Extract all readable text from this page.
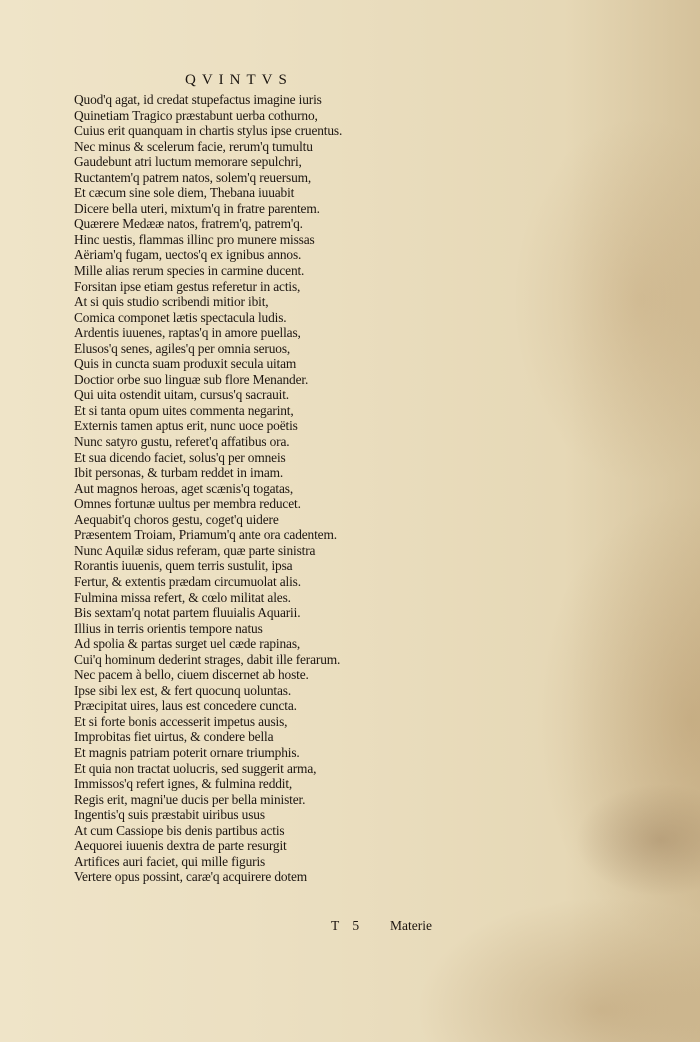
QVINTVS
Quod'q agat, id credat stupefactus imagine iuris
Quinetiam Tragico præstabunt uerba cothurno,
Cuius erit quanquam in chartis stylus ipse cruentus.
Nec minus & scelerum facie, rerum'q tumultu
Gaudebunt atri luctum memorare sepulchri,
Ructantem'q patrem natos, solem'q reuersum,
Et cæcum sine sole diem, Thebana iuuabit
Dicere bella uteri, mixtum'q in fratre parentem.
Quærere Medææ natos, fratrem'q, patrem'q.
Hinc uestis, flammas illinc pro munere missas
Aëriam'q fugam, uectos'q ex ignibus annos.
Mille alias rerum species in carmine ducent.
Forsitan ipse etiam gestus referetur in actis,
At si quis studio scribendi mitior ibit,
Comica componet lætis spectacula ludis.
Ardentis iuuenes, raptas'q in amore puellas,
Elusos'q senes, agiles'q per omnia seruos,
Quis in cuncta suam produxit secula uitam
Doctior orbe suo linguæ sub flore Menander.
Qui uita ostendit uitam, cursus'q sacrauit.
Et si tanta opum uites commenta negarint,
Externis tamen aptus erit, nunc uoce poëtis
Nunc satyro gustu, referet'q affatibus ora.
Et sua dicendo faciet, solus'q per omneis
Ibit personas, & turbam reddet in imam.
Aut magnos heroas, aget scænis'q togatas,
Omnes fortunæ uultus per membra reducet.
Aequabit'q choros gestu, coget'q uidere
Præsentem Troiam, Priamum'q ante ora cadentem.
Nunc Aquilæ sidus referam, quæ parte sinistra
Rorantis iuuenis, quem terris sustulit, ipsa
Fertur, & extentis prædam circumuolat alis.
Fulmina missa refert, & cœlo militat ales.
Bis sextam'q notat partem fluuialis Aquarii.
Illius in terris orientis tempore natus
Ad spolia & partas surget uel cæde rapinas,
Cui'q hominum dederint strages, dabit ille ferarum.
Nec pacem à bello, ciuem discernet ab hoste.
Ipse sibi lex est, & fert quocunq uoluntas.
Præcipitat uires, laus est concedere cuncta.
Et si forte bonis accesserit impetus ausis,
Improbitas fiet uirtus, & condere bella
Et magnis patriam poterit ornare triumphis.
Et quia non tractat uolucris, sed suggerit arma,
Immissos'q refert ignes, & fulmina reddit,
Regis erit, magni'ue ducis per bella minister.
Ingentis'q suis præstabit uiribus usus
At cum Cassiope bis denis partibus actis
Aequorei iuuenis dextra de parte resurgit
Artifices auri faciet, qui mille figuris
Vertere opus possint, caræ'q acquirere dotem
T 5 Materie
